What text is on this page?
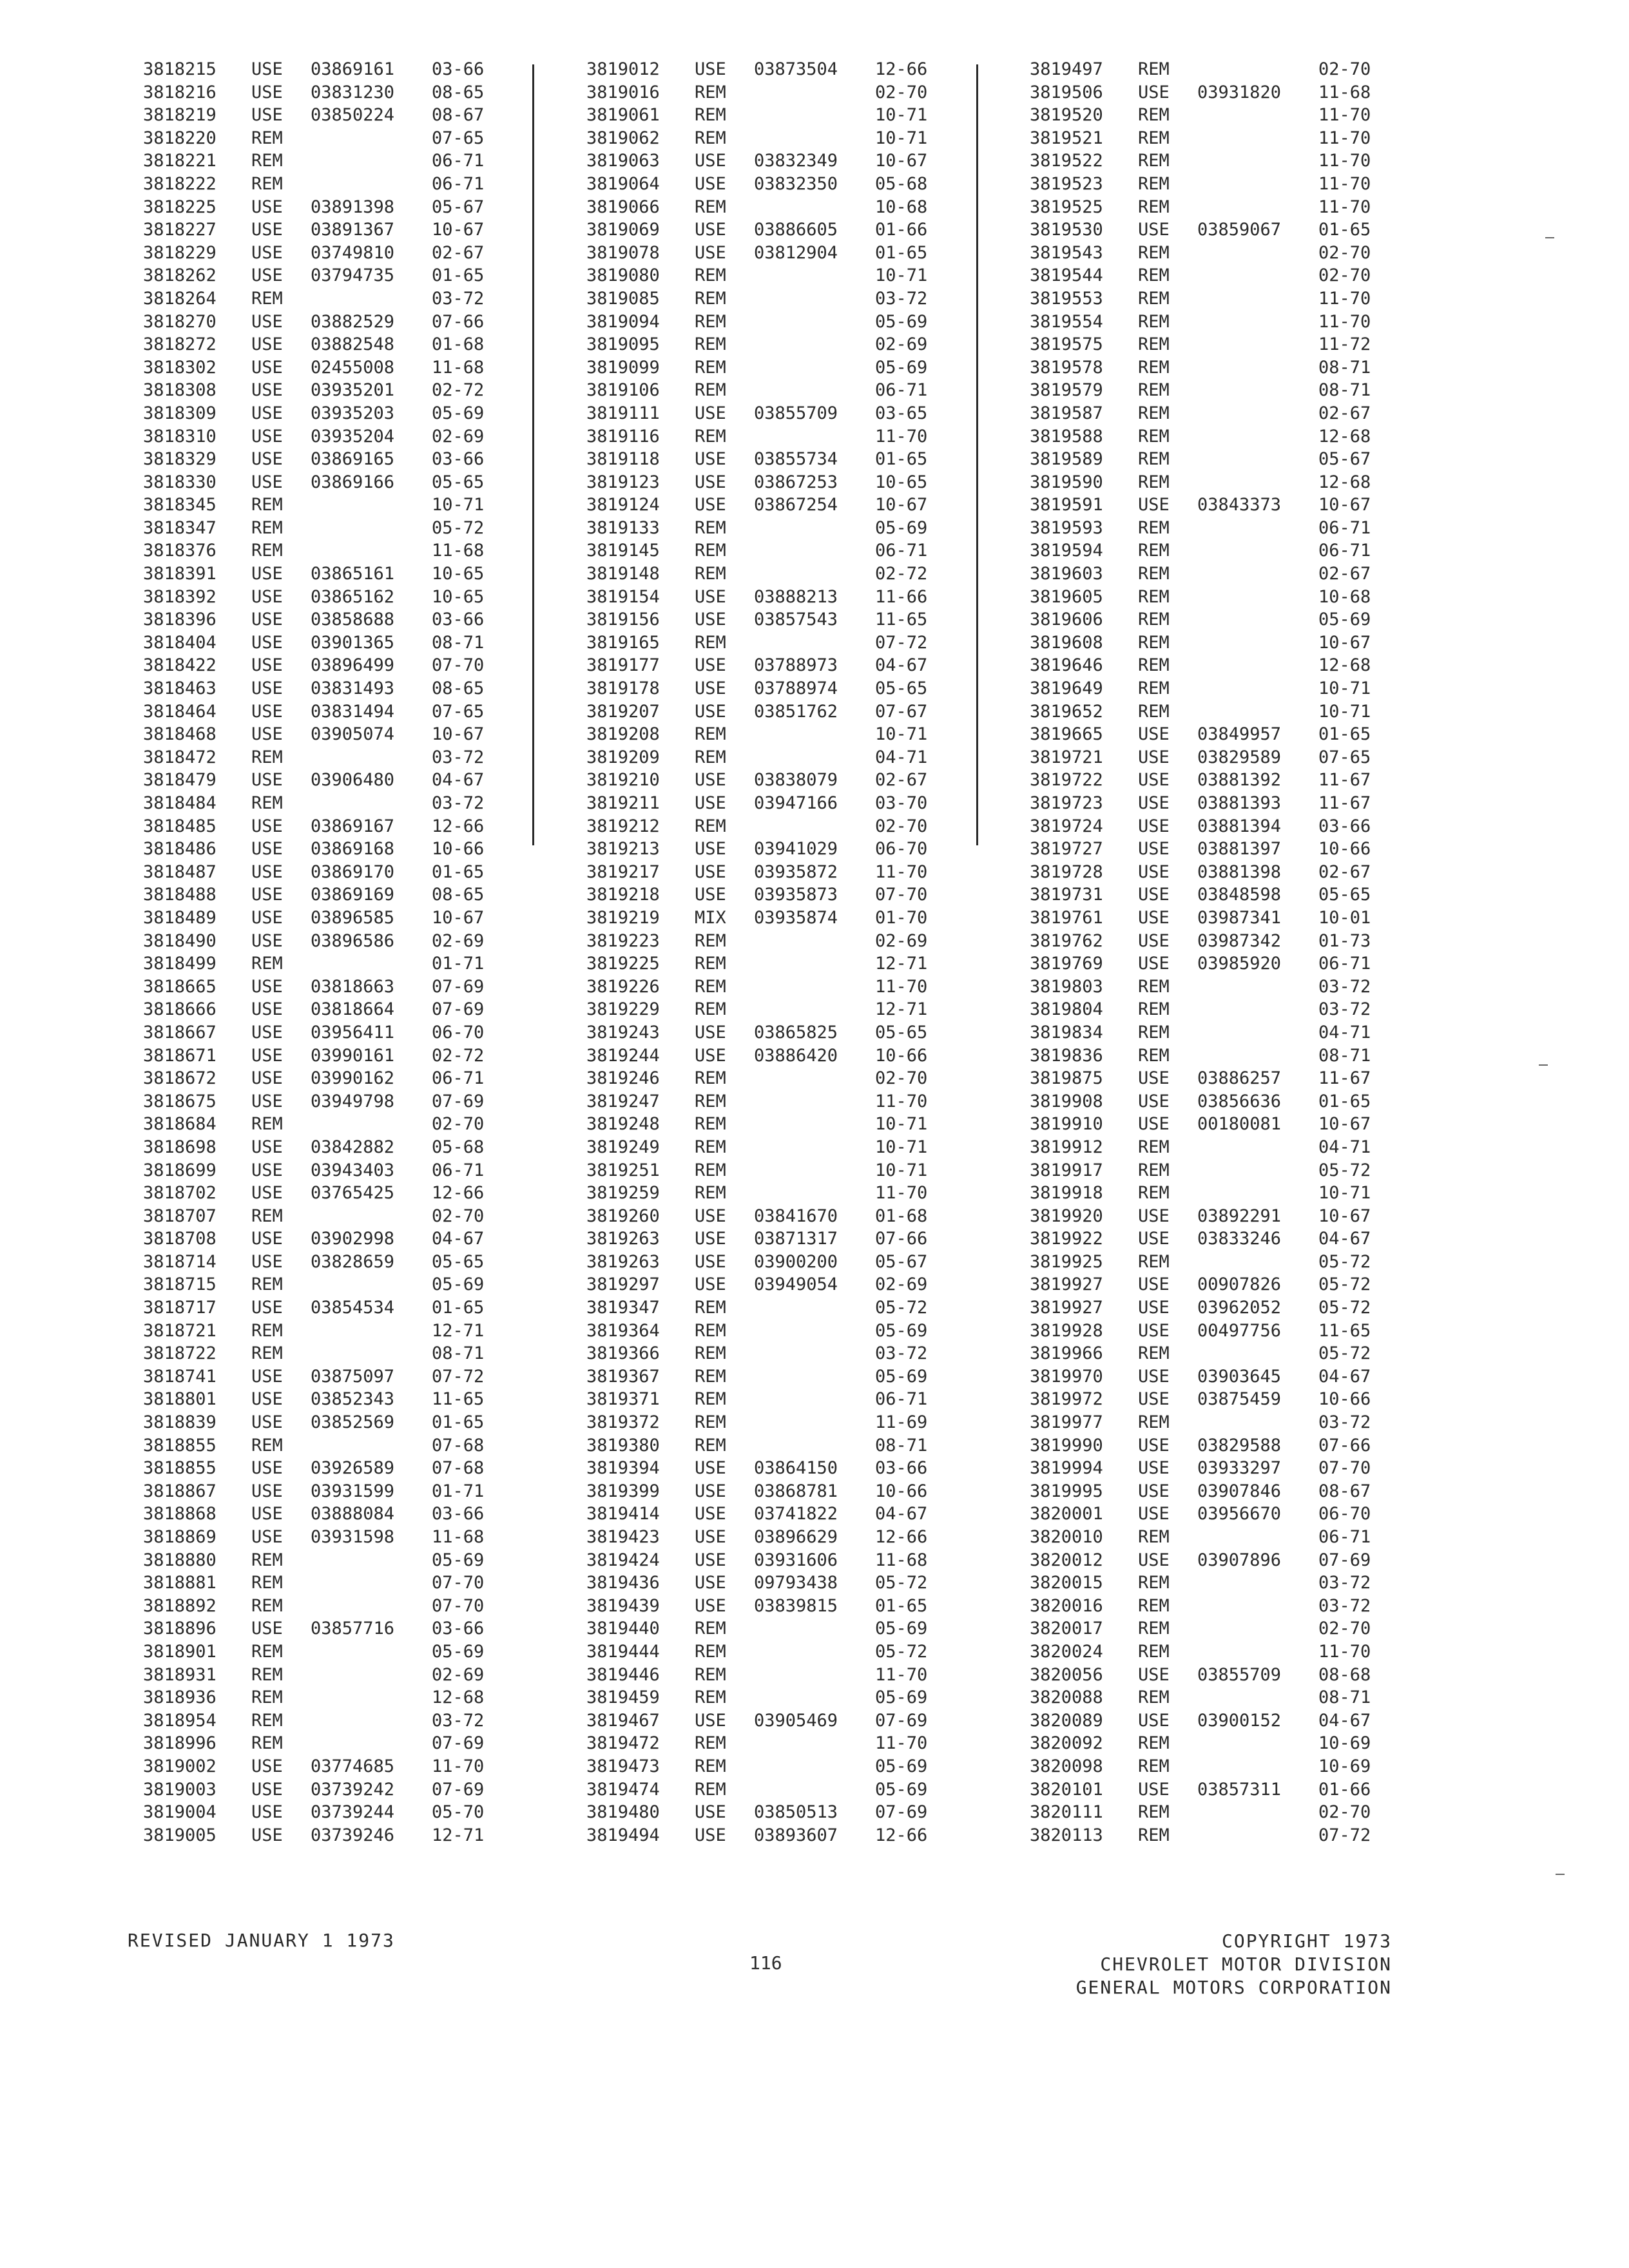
3818215 USE 03869161 03-66
3818216 USE 03831230 08-65
3818219 USE 03850224 08-67
3818220 REM	07-65
3818221 REM	06-71
3818222 REM	06-71
3818225 USE 03891398 05-67
3818227 USE 03891367 10-67
3818229 USE 03749810 02-67
3818262 USE 03794735 01-65
3818264 REM	03-72
3818270 USE 03882529 07-66
3818272 USE 03882548 01-68
3818302 USE 02455008 11-68
3818308 USE 03935201 02-72
3818309 USE 03935203 05-69
3818310 USE 03935204 02-69
3818329 USE 03869165 03-66
3818330 USE 03869166 05-65
3818345 REM	10-71
3818347 REM	05-72
3818376 REM	11-68
3818391 USE 03865161 10-65
3818392 USE 03865162 10-65
3818396 USE 03858688 03-66
3818404 USE 03901365 08-71
3818422 USE 03896499 07-70
3818463 USE 03831493 08-65
3818464 USE 03831494 07-65
3818468 USE 03905074 10-67
3818472 REM	03-72
3818479 USE 03906480 04-67
3818484 REM	03-72
3818485 USE 03869167 12-66
3818486 USE 03869168 10-66
3818487 USE 03869170 01-65
3818488 USE 03869169 08-65
3818489 USE 03896585 10-67
3818490 USE 03896586 02-69
3818499 REM	01-71
3818665 USE 03818663 07-69
3818666 USE 03818664 07-69
3818667 USE 03956411 06-70
3818671 USE 03990161 02-72
3818672 USE 03990162 06-71
3818675 USE 03949798 07-69
3818684 REM	02-70
3818698 USE 03842882 05-68
3818699 USE 03943403 06-71
3818702 USE 03765425 12-66
3818707 REM	02-70
3818708 USE 03902998 04-67
3818714 USE 03828659 05-65
3818715 REM	05-69
3818717 USE 03854534 01-65
3818721 REM	12-71
3818722 REM	08-71
3818741 USE 03875097 07-72
3818801 USE 03852343 11-65
3818839 USE 03852569 01-65
3818855 REM	07-68
3818855 USE 03926589 07-68
3818867 USE 03931599 01-71
3818868 USE 03888084 03-66
3818869 USE 03931598 11-68
3818880 REM	05-69
3818881 REM	07-70
3818892 REM	07-70
3818896 USE 03857716 03-66
3818901 REM	05-69
3818931 REM	02-69
3818936 REM	12-68
3818954 REM	03-72
3818996 REM	07-69
3819002 USE 03774685 11-70
3819003 USE 03739242 07-69
3819004 USE 03739244 05-70
3819005 USE 03739246 12-71
3819012 USE 03873504 12-66
3819016 REM	02-70
3819061 REM	10-71
3819062 REM	10-71
3819063 USE 03832349 10-67
3819064 USE 03832350 05-68
3819066 REM	10-68
3819069 USE 03886605 01-66
3819078 USE 03812904 01-65
3819080 REM	10-71
3819085 REM	03-72
3819094 REM	05-69
3819095 REM	02-69
3819099 REM	05-69
3819106 REM	06-71
3819111 USE 03855709 03-65
3819116 REM	11-70
3819118 USE 03855734 01-65
3819123 USE 03867253 10-65
3819124 USE 03867254 10-67
3819133 REM	05-69
3819145 REM	06-71
3819148 REM	02-72
3819154 USE 03888213 11-66
3819156 USE 03857543 11-65
3819165 REM	07-72
3819177 USE 03788973 04-67
3819178 USE 03788974 05-65
3819207 USE 03851762 07-67
3819208 REM	10-71
3819209 REM	04-71
3819210 USE 03838079 02-67
3819211 USE 03947166 03-70
3819212 REM	02-70
3819213 USE 03941029 06-70
3819217 USE 03935872 11-70
3819218 USE 03935873 07-70
3819219 MIX 03935874 01-70
3819223 REM	02-69
3819225 REM	12-71
3819226 REM	11-70
3819229 REM	12-71
3819243 USE 03865825 05-65
3819244 USE 03886420 10-66
3819246 REM	02-70
3819247 REM	11-70
3819248 REM	10-71
3819249 REM	10-71
3819251 REM	10-71
3819259 REM	11-70
3819260 USE 03841670 01-68
3819263 USE 03871317 07-66
3819263 USE 03900200 05-67
3819297 USE 03949054 02-69
3819347 REM	05-72
3819364 REM	05-69
3819366 REM	03-72
3819367 REM	05-69
3819371 REM	06-71
3819372 REM	11-69
3819380 REM	08-71
3819394 USE 03864150 03-66
3819399 USE 03868781 10-66
3819414 USE 03741822 04-67
3819423 USE 03896629 12-66
3819424 USE 03931606 11-68
3819436 USE 09793438 05-72
3819439 USE 03839815 01-65
3819440 REM	05-69
3819444 REM	05-72
3819446 REM	11-70
3819459 REM	05-69
3819467 USE 03905469 07-69
3819472 REM	11-70
3819473 REM	05-69
3819474 REM	05-69
3819480 USE 03850513 07-69
3819494 USE 03893607 12-66
3819497 REM	02-70
3819506 USE 03931820 11-68
3819520 REM	11-70
3819521 REM	11-70
3819522 REM	11-70
3819523 REM	11-70
3819525 REM	11-70
3819530 USE 03859067 01-65
3819543 REM	02-70
3819544 REM	02-70
3819553 REM	11-70
3819554 REM	11-70
3819575 REM	11-72
3819578 REM	08-71
3819579 REM	08-71
3819587 REM	02-67
3819588 REM	12-68
3819589 REM	05-67
3819590 REM	12-68
3819591 USE 03843373 10-67
3819593 REM	06-71
3819594 REM	06-71
3819603 REM	02-67
3819605 REM	10-68
3819606 REM	05-69
3819608 REM	10-67
3819646 REM	12-68
3819649 REM	10-71
3819652 REM	10-71
3819665 USE 03849957 01-65
3819721 USE 03829589 07-65
3819722 USE 03881392 11-67
3819723 USE 03881393 11-67
3819724 USE 03881394 03-66
3819727 USE 03881397 10-66
3819728 USE 03881398 02-67
3819731 USE 03848598 05-65
3819761 USE 03987341 10-01
3819762 USE 03987342 01-73
3819769 USE 03985920 06-71
3819803 REM	03-72
3819804 REM	03-72
3819834 REM	04-71
3819836 REM	08-71
3819875 USE 03886257 11-67
3819908 USE 03856636 01-65
3819910 USE 00180081 10-67
3819912 REM	04-71
3819917 REM	05-72
3819918 REM	10-71
3819920 USE 03892291 10-67
3819922 USE 03833246 04-67
3819925 REM	05-72
3819927 USE 00907826 05-72
3819927 USE 03962052 05-72
3819928 USE 00497756 11-65
3819966 REM	05-72
3819970 USE 03903645 04-67
3819972 USE 03875459 10-66
3819977 REM	03-72
3819990 USE 03829588 07-66
3819994 USE 03933297 07-70
3819995 USE 03907846 08-67
3820001 USE 03956670 06-70
3820010 REM	06-71
3820012 USE 03907896 07-69
3820015 REM	03-72
3820016 REM	03-72
3820017 REM	02-70
3820024 REM	11-70
3820056 USE 03855709 08-68
3820088 REM	08-71
3820089 USE 03900152 04-67
3820092 REM	10-69
3820098 REM	10-69
3820101 USE 03857311 01-66
3820111 REM	02-70
3820113 REM	07-72
REVISED JANUARY 1 1973
116
COPYRIGHT 1973
CHEVROLET MOTOR DIVISION
GENERAL MOTORS CORPORATION
